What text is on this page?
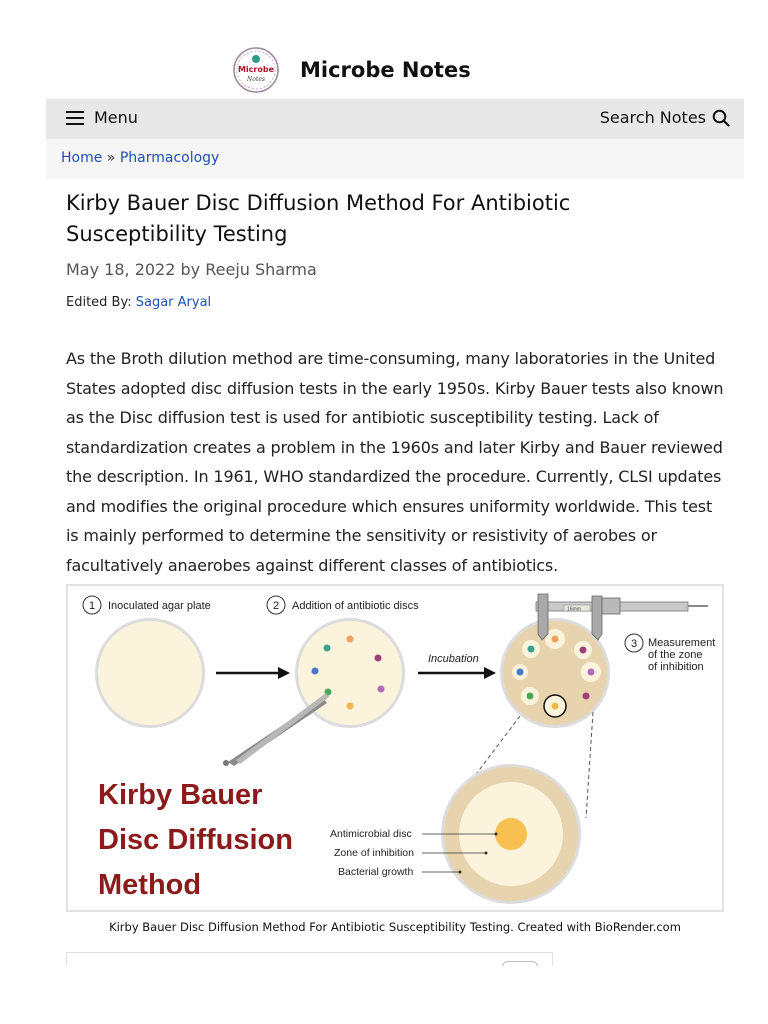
Microbe
Notes Microbe Notes
Menu	Search Notes
Home » Pharmacology
Kirby Bauer Disc Diffusion Method For Antibiotic Susceptibility Testing
May 18, 2022 by Reeju Sharma
Edited By: Sagar Aryal

As the Broth dilution method are time-consuming, many laboratories in the United States adopted disc diffusion tests in the early 1950s. Kirby Bauer tests also known as the Disc diffusion test is used for antibiotic susceptibility testing. Lack of standardization creates a problem in the 1960s and later Kirby and Bauer reviewed the description. In 1961, WHO standardized the procedure. Currently, CLSI updates and modifies the original procedure which ensures uniformity worldwide. This test is mainly performed to determine the sensitivity or resistivity of aerobes or facultatively anaerobes against different classes of antibiotics.

1 Inoculated agar plate	2 Addition of antibiotic discs
Incubation
16mm
3 Measurement
of the zone
of inhibition
Antimicrobial disc
Zone of inhibition
Bacterial growth
Kirby Bauer
Disc Diffusion
Method
Kirby Bauer Disc Diffusion Method For Antibiotic Susceptibility Testing. Created with BioRender.com
